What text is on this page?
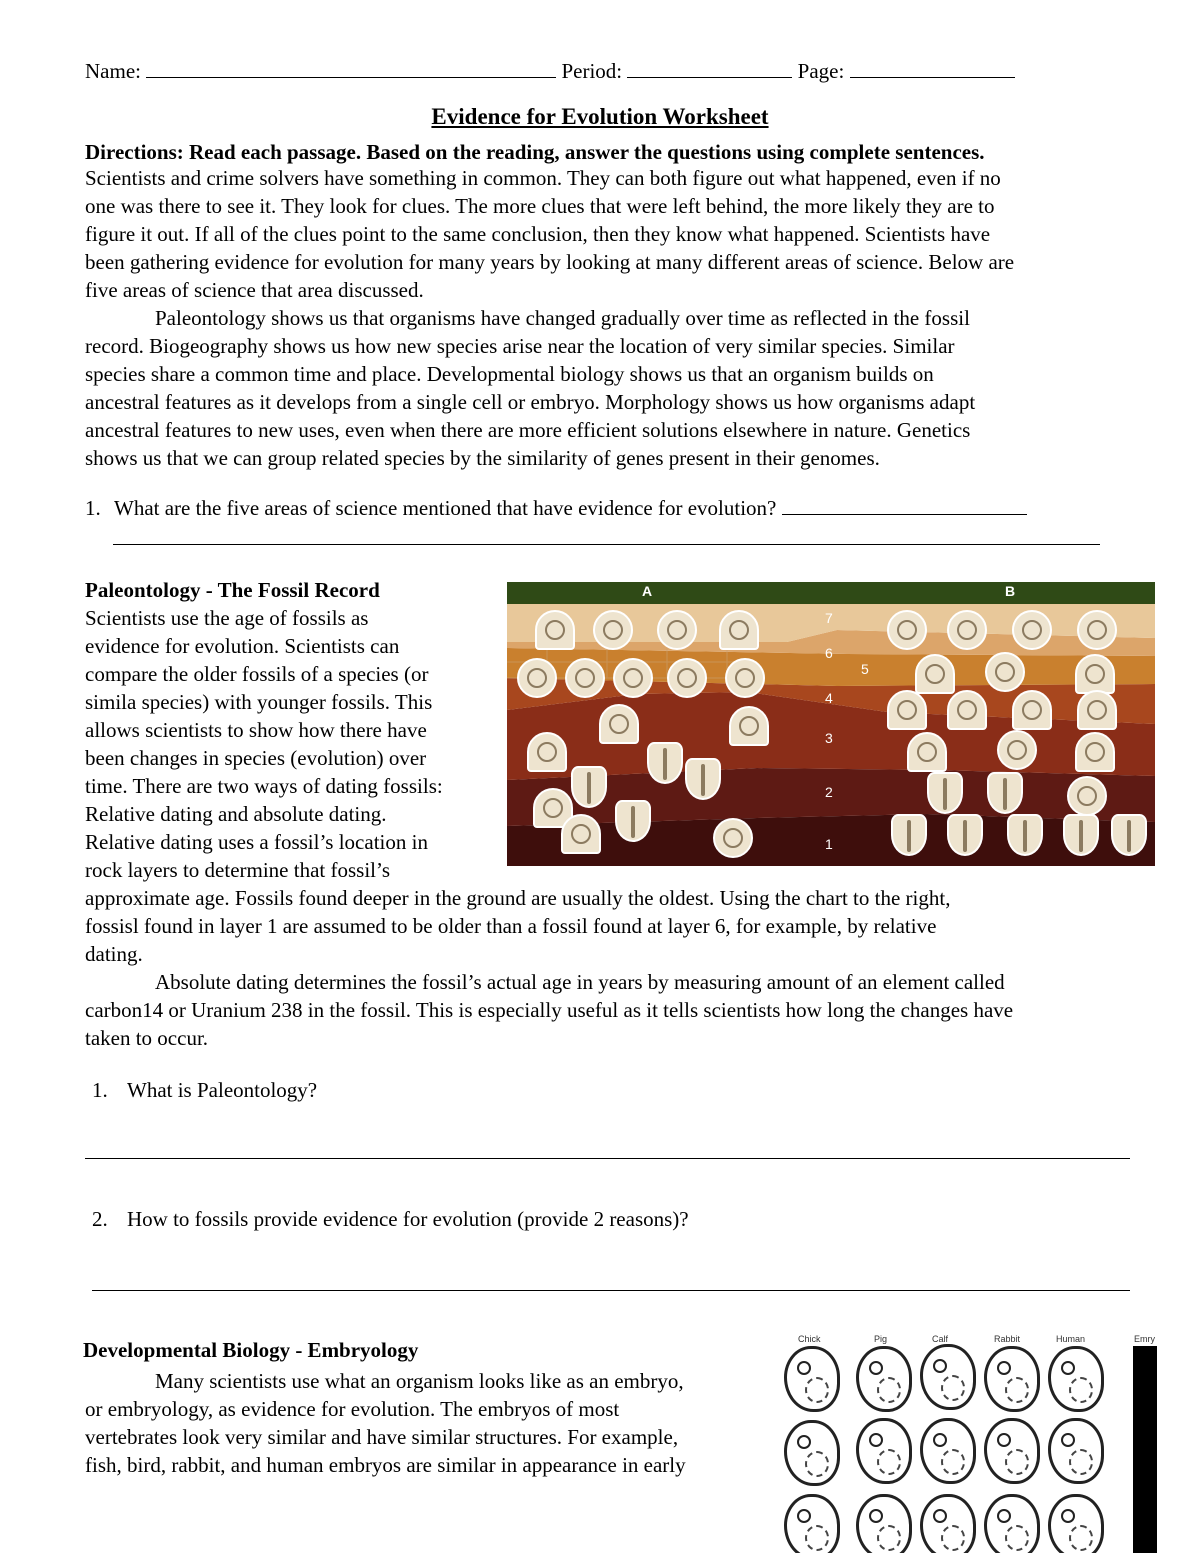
Name:	Period:	Page:
Evidence for Evolution Worksheet
Directions: Read each passage. Based on the reading, answer the questions using complete sentences.
Scientists and crime solvers have something in common. They can both figure out what happened, even if no
one was there to see it. They look for clues. The more clues that were left behind, the more likely they are to
figure it out. If all of the clues point to the same conclusion, then they know what happened. Scientists have
been gathering evidence for evolution for many years by looking at many different areas of science. Below are
five areas of science that area discussed.
Paleontology shows us that organisms have changed gradually over time as reflected in the fossil
record. Biogeography shows us how new species arise near the location of very similar species. Similar
species share a common time and place. Developmental biology shows us that an organism builds on
ancestral features as it develops from a single cell or embryo. Morphology shows us how organisms adapt
ancestral features to new uses, even when there are more efficient solutions elsewhere in nature. Genetics
shows us that we can group related species by the similarity of genes present in their genomes.
1. What are the five areas of science mentioned that have evidence for evolution?
Paleontology - The Fossil Record
Scientists use the age of fossils as
evidence for evolution. Scientists can
compare the older fossils of a species (or
simila species) with younger fossils. This
allows scientists to show how there have
been changes in species (evolution) over
time. There are two ways of dating fossils:
Relative dating and absolute dating.
Relative dating uses a fossil’s location in
rock layers to determine that fossil’s
approximate age. Fossils found deeper in the ground are usually the oldest. Using the chart to the right,
fossisl found in layer 1 are assumed to be older than a fossil found at layer 6, for example, by relative
dating.
Absolute dating determines the fossil’s actual age in years by measuring amount of an element called
carbon14 or Uranium 238 in the fossil. This is especially useful as it tells scientists how long the changes have
taken to occur.
A	B
7
6
5
4
3
2
1
1. What is Paleontology?
2. How to fossils provide evidence for evolution (provide 2 reasons)?
Developmental Biology - Embryology
Many scientists use what an organism looks like as an embryo,
or embryology, as evidence for evolution. The embryos of most
vertebrates look very similar and have similar structures. For example,
fish, bird, rabbit, and human embryos are similar in appearance in early
Chick	Pig	Calf	Rabbit	Human	Emry
